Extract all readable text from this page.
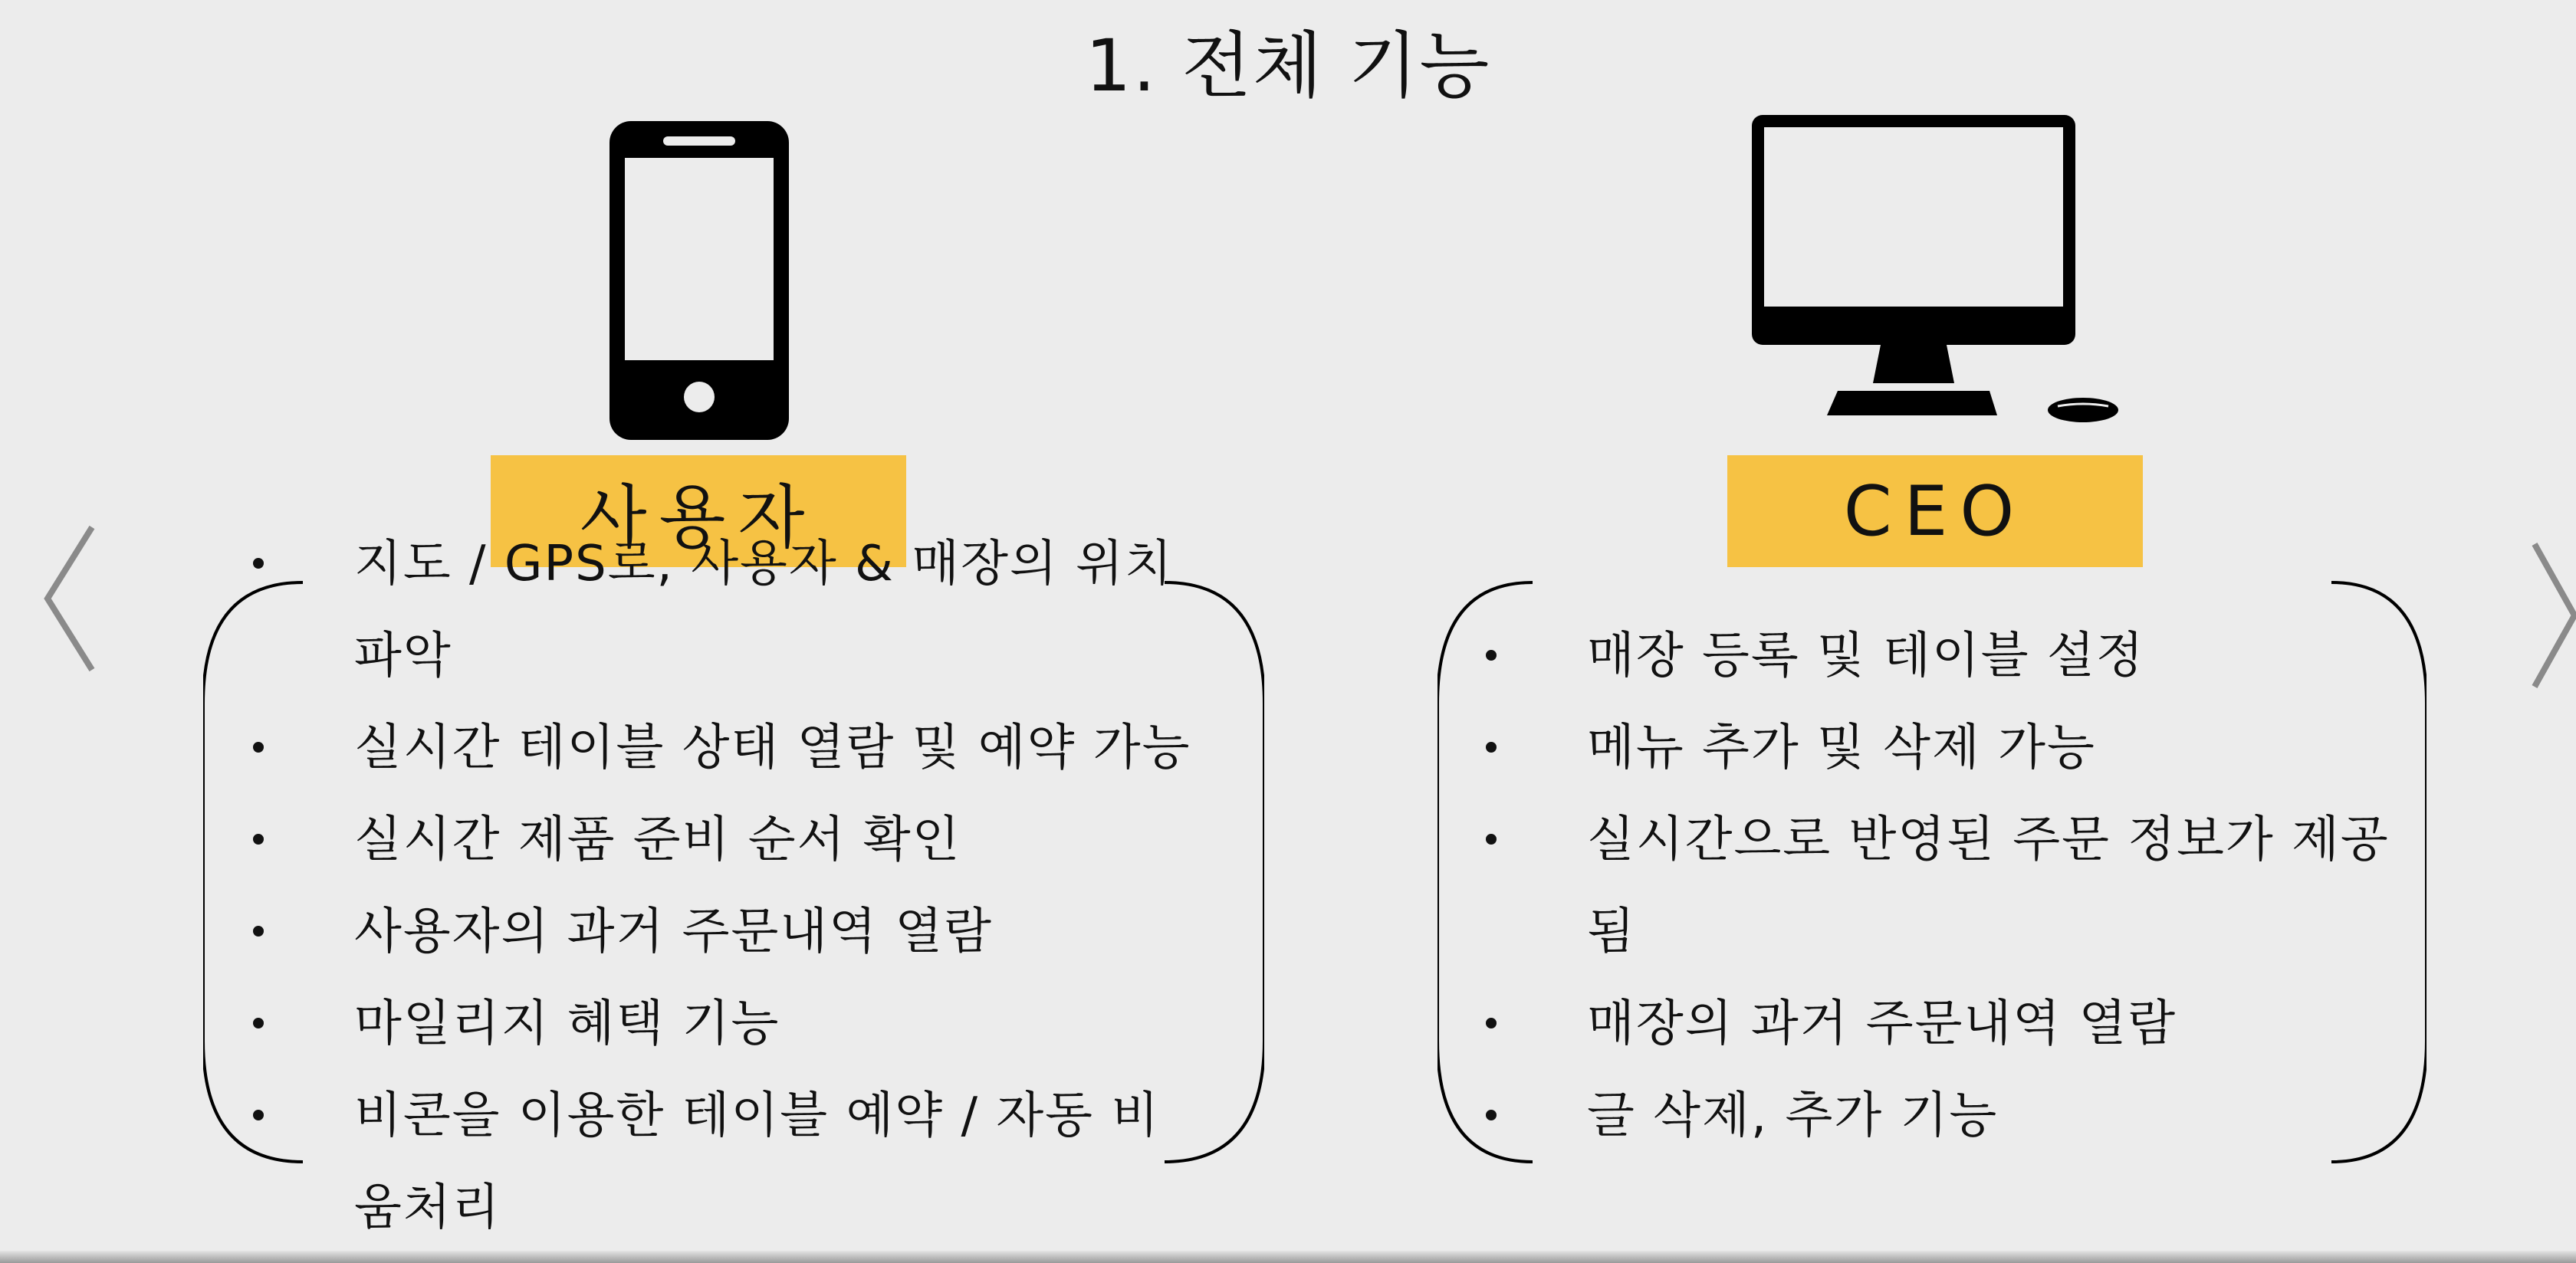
1. 전체 기능
사용자	CEO
지도 / GPS로, 사용자 & 매장의 위치파악
실시간 테이블 상태 열람 및 예약 가능
실시간 제품 준비 순서 확인
사용자의 과거 주문내역 열람
마일리지 혜택 기능
비콘을 이용한 테이블 예약 / 자동 비움처리
매장 등록 및 테이블 설정
메뉴 추가 및 삭제 가능
실시간으로 반영된 주문 정보가 제공됨
매장의 과거 주문내역 열람
글 삭제, 추가 기능
